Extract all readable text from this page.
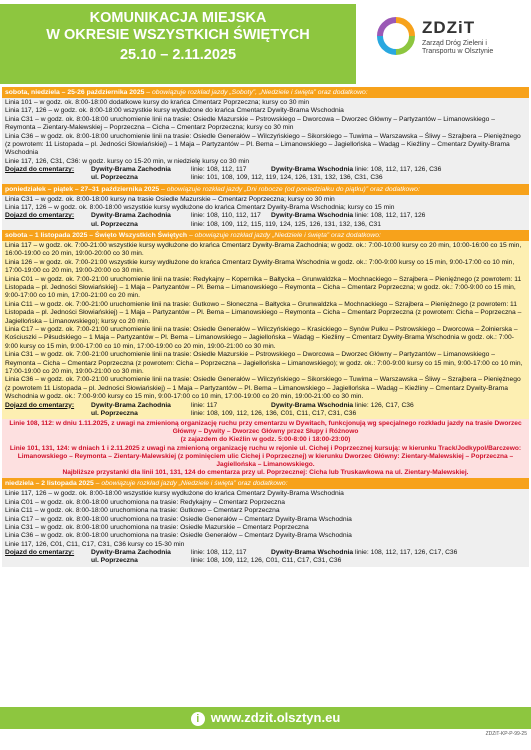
KOMUNIKACJA MIEJSKA
W OKRESIE WSZYSTKICH ŚWIĘTYCH
25.10 – 2.11.2025
ZDZiT
Zarząd Dróg Zieleni i Transportu w Olsztynie
sobota, niedziela – 25-26 października 2025 – obowiązuje rozkład jazdy „Soboty”, „Niedziele i święta” oraz dodatkowo:

Linia 101 – w godz. ok. 8:00-18:00 dodatkowe kursy do krańca Cmentarz Poprzeczna; kursy co 30 min

Linia 117, 126 – w godz. ok. 8:00-18:00 wszystkie kursy wydłużone do krańca Cmentarz Dywity-Brama Wschodnia

Linia C31 – w godz. ok. 8:00-18:00 uruchomienie linii na trasie: Osiedle Mazurskie – Pstrowskiego – Dworcowa – Dworzec Główny – Partyzantów – Limanowskiego – Reymonta – Zientary-Malewskiej – Poprzeczna – Cicha – Cmentarz Poprzeczna; kursy co 30 min

Linia C36 – w godz. ok. 8:00-18:00 uruchomienie linii na trasie: Osiedle Generałów – Wilczyńskiego – Sikorskiego – Tuwima – Warszawska – Śliwy – Szrajbera – Pieniężnego (z powrotem: 11 Listopada – pl. Jedności Słowiańskiej) – 1 Maja – Partyzantów – Pl. Bema – Limanowskiego – Jagiellońska – Wadąg – Kieźliny – Cmentarz Dywity-Brama Wschodnia

Linie 117, 126, C31, C36: w godz. kursy co 15-20 min, w niedzielę kursy co 30 min

Dojazd do cmentarzy:	Dywity-Brama Zachodnia	linie: 108, 112, 117	Dywity-Brama Wschodnia linie: 108, 112, 117, 126, C36
ul. Poprzeczna	linie: 101, 108, 109, 112, 119, 124, 126, 131, 132, 136, C31, C36
poniedziałek – piątek – 27–31 października 2025 – obowiązuje rozkład jazdy „Dni robocze (od poniedziałku do piątku)” oraz dodatkowo:

Linia C31 – w godz. ok. 8:00-18:00 kursy na trasie Osiedle Mazurskie – Cmentarz Poprzeczna; kursy co 30 min

Linia 117, 126 – w godz. ok. 8:00-18:00 wszystkie kursy wydłużone do krańca Cmentarz Dywity-Brama Wschodnia; kursy co 15 min

Dojazd do cmentarzy:	Dywity-Brama Zachodnia	linie: 108, 110, 112, 117	Dywity-Brama Wschodnia linie: 108, 112, 117, 126
ul. Poprzeczna	linie: 108, 109, 112, 115, 119, 124, 125, 126, 131, 132, 136, C31
sobota – 1 listopada 2025 – Święto Wszystkich Świętych – obowiązuje rozkład jazdy „Niedziele i święta” oraz dodatkowo:

Linia 117 – w godz. ok. 7:00-21:00 wszystkie kursy wydłużone do krańca Cmentarz Dywity-Brama Zachodnia; w godz. ok.: 7:00-10:00 kursy co 20 min, 10:00-16:00 co 15 min, 16:00-19:00 co 20 min, 19:00-20:00 co 30 min.

Linia 126 – w godz. ok. 7:00-21:00 wszystkie kursy wydłużone do krańca Cmentarz Dywity-Brama Wschodnia w godz. ok.: 7:00-9:00 kursy co 15 min, 9:00-17:00 co 10 min, 17:00-19:00 co 20 min, 19:00-20:00 co 30 min.

Linia C01 – w godz. ok. 7:00-21:00 uruchomienie linii na trasie: Redykajny – Kopernika – Bałtycka – Grunwaldzka – Mochnackiego – Szrajbera – Pieniężnego (z powrotem: 11 Listopada – pl. Jedności Słowiańskiej) – 1 Maja – Partyzantów – Pl. Bema – Limanowskiego – Reymonta – Cicha – Cmentarz Poprzeczna; w godz. ok.: 7:00-9:00 co 15 min, 9:00-17:00 co 10 min, 17:00-21:00 co 20 min.

Linia C11 – w godz. ok. 7:00-21:00 uruchomienie linii na trasie: Gutkowo – Słoneczna – Bałtycka – Grunwaldzka – Mochnackiego – Szrajbera – Pieniężnego (z powrotem: 11 Listopada – pl. Jedności Słowiańskiej) – 1 Maja – Partyzantów – Pl. Bema – Limanowskiego – Reymonta – Cicha – Cmentarz Poprzeczna (z powrotem: Cicha – Poprzeczna – Jagiellońska – Limanowskiego); kursy co 20 min.

Linia C17 – w godz. ok. 7:00-21:00 uruchomienie linii na trasie: Osiedle Generałów – Wilczyńskiego – Krasickiego – Synów Pułku – Pstrowskiego – Dworcowa – Żołnierska – Kościuszki – Piłsudskiego – 1 Maja – Partyzantów – Pl. Bema – Limanowskiego – Jagiellońska – Wadąg – Kieźliny – Cmentarz Dywity-Brama Wschodnia w godz. ok.: 7:00-9:00 kursy co 15 min, 9:00-17:00 co 10 min, 17:00-19:00 co 20 min, 19:00-21:00 co 30 min.

Linia C31 – w godz. ok. 7:00-21:00 uruchomienie linii na trasie: Osiedle Mazurskie – Pstrowskiego – Dworcowa – Dworzec Główny – Partyzantów – Limanowskiego – Reymonta – Cicha – Cmentarz Poprzeczna (z powrotem: Cicha – Poprzeczna – Jagiellońska – Limanowskiego); w godz. ok.: 7:00-9:00 kursy co 15 min, 9:00-17:00 co 10 min, 17:00-19:00 co 20 min, 19:00-21:00 co 30 min.

Linia C36 – w godz. ok. 7:00-21:00 uruchomienie linii na trasie: Osiedle Generałów – Wilczyńskiego – Sikorskiego – Tuwima – Warszawska – Śliwy – Szrajbera – Pieniężnego (z powrotem 11 Listopada – pl. Jedności Słowiańskiej) – 1 Maja – Partyzantów – Pl. Bema – Limanowskiego – Jagiellońska – Wadąg – Kieźliny – Cmentarz Dywity-Brama Wschodnia w godz. ok.: 7:00-9:00 kursy co 15 min, 9:00-17:00 co 10 min, 17:00-19:00 co 20 min, 19:00-21:00 co 30 min.

Dojazd do cmentarzy:	Dywity-Brama Zachodnia	linie: 117	Dywity-Brama Wschodnia linie: 126, C17, C36
ul. Poprzeczna	linie: 108, 109, 112, 126, 136, C01, C11, C17, C31, C36
Linie 108, 112: w dniu 1.11.2025, z uwagi na zmienioną organizację ruchu przy cmentarzu w Dywitach, funkcjonują wg specjalnego rozkładu jazdy na trasie Dworzec Główny – Dywity – Dworzec Główny przez Słupy i Różnowo
(z zajazdem do Kieźlin w godz. 5:00-8:00 i 18:00-23:00)
Linie 101, 131, 124: w dniach 1 i 2.11.2025 z uwagi na zmienioną organizację ruchu w rejonie ul. Cichej i Poprzecznej kursują: w kierunku Track/Jodkypol/Barczewo: Limanowskiego – Reymonta – Zientary-Malewskiej (z pominięciem ulic Cichej i Poprzecznej) w kierunku Dworzec Główny: Zientary-Malewskiej – Poprzeczna – Jagiellońska – Limanowskiego.
Najbliższe przystanki dla linii 101, 131, 124 do cmentarza przy ul. Poprzecznej: Cicha lub Truskawkowa na ul. Zientary-Malewskiej.
niedziela – 2 listopada 2025 – obowiązuje rozkład jazdy „Niedziele i święta” oraz dodatkowo:

Linie 117, 126 – w godz. ok. 8:00-18:00 wszystkie kursy wydłużone do krańca Cmentarz Dywity-Brama Wschodnia

Linia C01 – w godz. ok. 8:00-18:00 uruchomiona na trasie: Redykajny – Cmentarz Poprzeczna

Linia C11 – w godz. ok. 8:00-18:00 uruchomiona na trasie: Gutkowo – Cmentarz Poprzeczna

Linia C17 – w godz. ok. 8:00-18:00 uruchomiona na trasie: Osiedle Generałów – Cmentarz Dywity-Brama Wschodnia

Linia C31 – w godz. ok. 8:00-18:00 uruchomiona na trasie: Osiedle Mazurskie – Cmentarz Poprzeczna

Linia C36 – w godz. ok. 8:00-18:00 uruchomiona na trasie: Osiedle Generałów – Cmentarz Dywity-Brama Wschodnia

Linie 117, 126, C01, C11, C17, C31, C36 kursy co 15-30 min

Dojazd do cmentarzy:	Dywity-Brama Zachodnia	linie: 108, 112, 117	Dywity-Brama Wschodnia linie: 108, 112, 117, 126, C17, C36
ul. Poprzeczna	linie: 108, 109, 112, 126, C01, C11, C17, C31, C36
i www.zdzit.olsztyn.eu
ZDZiT-KP-P-99-25
